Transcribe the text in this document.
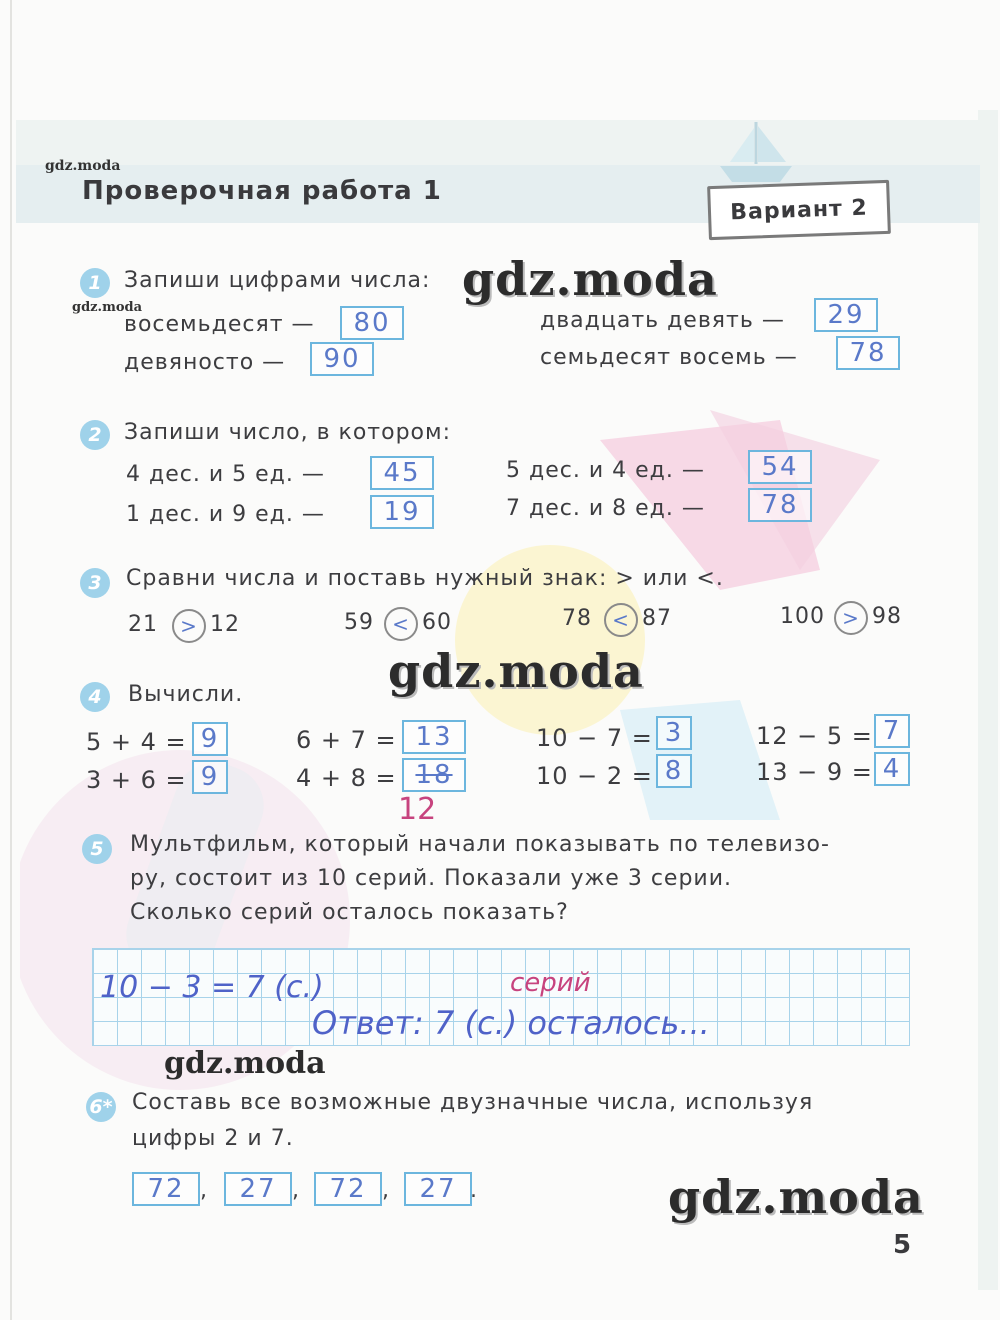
gdz.moda
Проверочная работа 1
Вариант 2
1	Запиши цифрами числа:
gdz.moda
восемьдесят —	80
девяносто —	90
двадцать девять —	29
семьдесят восемь —	78
2	Запиши число, в котором:
4 дес. и 5 ед. —	45
1 дес. и 9 ед. —	19
5 дес. и 4 ед. —	54
7 дес. и 8 ед. —	78
3	Сравни числа и поставь нужный знак: > или <.
21	> 12	59 < 60	78	< 87	100 > 98
4	Вычисли.
5 + 4 = 9
3 + 6 = 9
6 + 7 = 13
4 + 8 = 18
12
10 − 7 = 3
10 − 2 = 8
12 − 5 = 7
13 − 9 = 4
5	Мультфильм, который начали показывать по телевизо-
ру, состоит из 10 серий. Показали уже 3 серии.
Сколько серий осталось показать?
10 − 3 = 7 (с.)	серий
Ответ: 7 (с.) осталось...
6* Составь все возможные двузначные числа, используя
цифры 2 и 7.
72 ,	27 ,	72 ,	27 .
gdz.moda
gdz.moda
gdz.moda
gdz.moda
5
